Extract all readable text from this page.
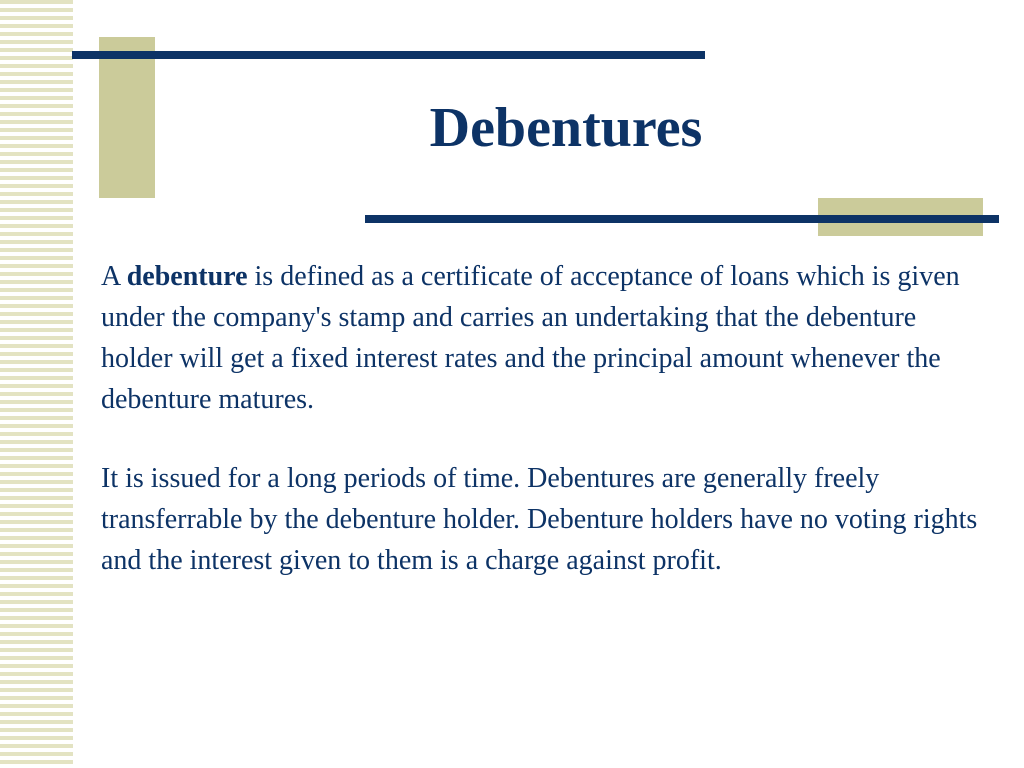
Debentures

A debenture is defined as a certificate of acceptance of loans which is given under the company's stamp and carries an undertaking that the debenture holder will get a fixed interest rates and the principal amount whenever the debenture matures.

It is issued for a long periods of time. Debentures are generally freely transferrable by the debenture holder. Debenture holders have no voting rights and the interest given to them is a charge against profit.
